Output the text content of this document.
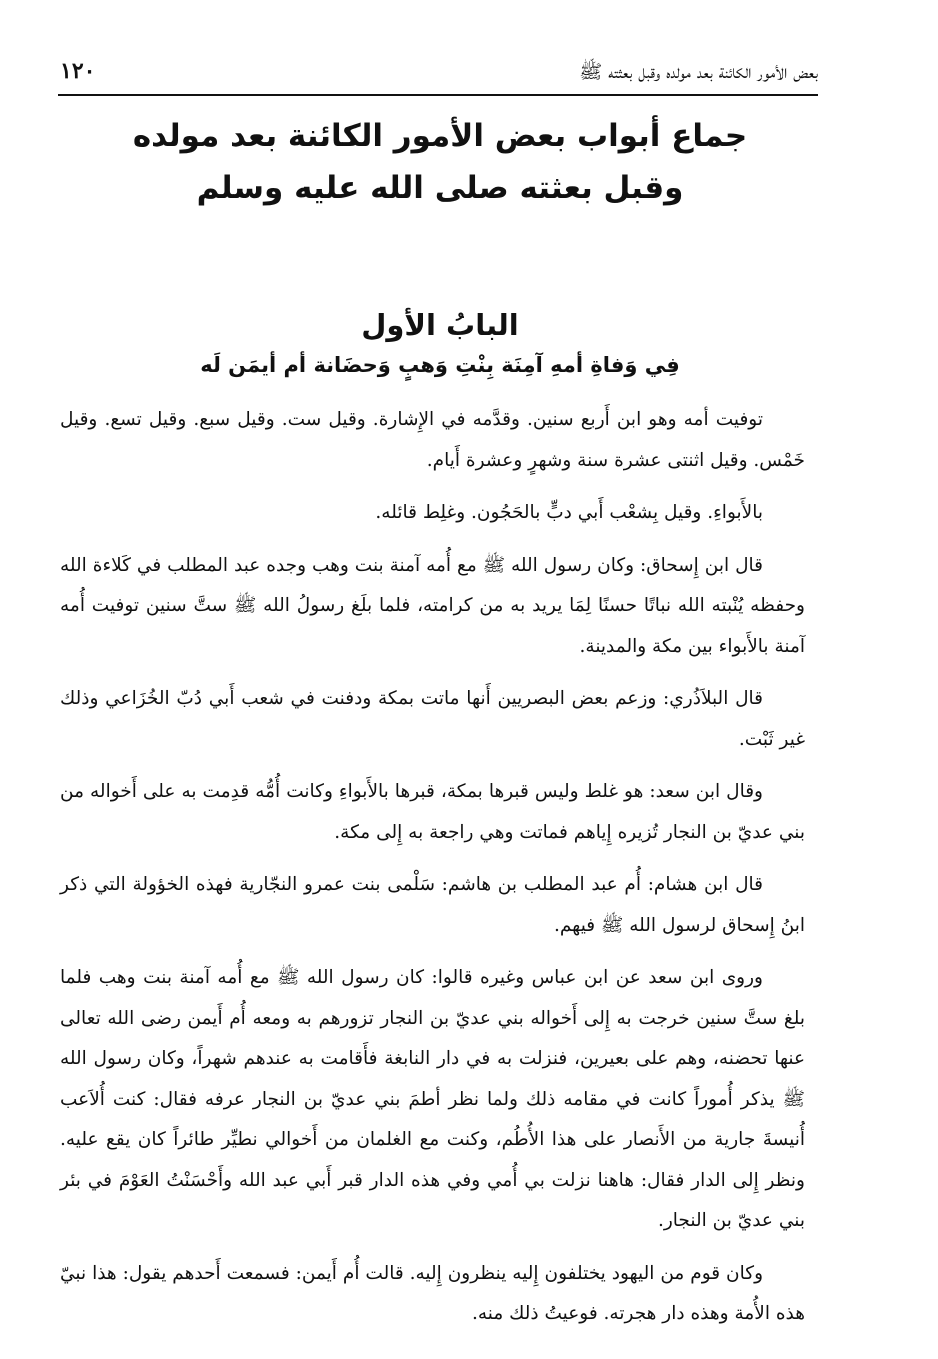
بعض الأمور الكائنة بعد مولده وقبل بعثته ﷺ
١٢٠
جماع أبواب بعض الأمور الكائنة بعد مولده
وقبل بعثته صلى الله عليه وسلم
البابُ الأول
فِي وَفاةِ أمهِ آمِنَة بِنْتِ وَهبٍ وَحضَانة أم أيمَن لَه

توفيت أمه وهو ابن أَربع سنين. وقدَّمه في الإِشارة. وقيل ست. وقيل سبع. وقيل تسع. وقيل خَمْس. وقيل اثنتى عشرة سنة وشهرٍ وعشرة أَيام.

بالأَبواءِ. وقيل بِشعْب أَبي دبٍّ بالحَجُون. وغلِط قائله.

قال ابن إِسحاق: وكان رسول الله ﷺ مع أُمه آمنة بنت وهب وجده عبد المطلب في كَلاءة الله وحفظه يُنْبته الله نباتًا حسنًا لِمَا يريد به من كرامته، فلما بلَغ رسولُ الله ﷺ ستَّ سنين توفيت أُمه آمنة بالأَبواء بين مكة والمدينة.

قال البلاَذُري: وزعم بعض البصريين أَنها ماتت بمكة ودفنت في شعب أَبي دُبّ الخُزَاعي وذلك غير ثَبْت.

وقال ابن سعد: هو غلط وليس قبرها بمكة، قبرها بالأَبواءِ وكانت أُمُّه قدِمت به على أَخواله من بني عديّ بن النجار تُزيره إِياهم فماتت وهي راجعة به إِلى مكة.

قال ابن هشام: أُم عبد المطلب بن هاشم: سَلْمى بنت عمرو النجّارية فهذه الخؤولة التي ذكر ابنُ إِسحاق لرسول الله ﷺ فيهم.

وروى ابن سعد عن ابن عباس وغيره قالوا: كان رسول الله ﷺ مع أُمه آمنة بنت وهب فلما بلغ ستَّ سنين خرجت به إِلى أَخواله بني عديّ بن النجار تزورهم به ومعه أُم أَيمن رضى الله تعالى عنها تحضنه، وهم على بعيرين، فنزلت به في دار النابغة فأَقامت به عندهم شهراً، وكان رسول الله ﷺ يذكر أُموراً كانت في مقامه ذلك ولما نظر أطمَ بني عديّ بن النجار عرفه فقال: كنت أُلاَعب أُنيسةَ جارية من الأَنصار على هذا الأُطُم، وكنت مع الغلمان من أَخوالي نطيِّر طائراً كان يقع عليه. ونظر إِلى الدار فقال: هاهنا نزلت بي أُمي وفي هذه الدار قبر أَبي عبد الله وأَحْسَنْتُ العَوْمَ في بئر بني عديّ بن النجار.

وكان قوم من اليهود يختلفون إِليه ينظرون إِليه. قالت أُم أَيمن: فسمعت أَحدهم يقول: هذا نبيّ هذه الأُمة وهذه دار هجرته. فوعيتُ ذلك منه.
